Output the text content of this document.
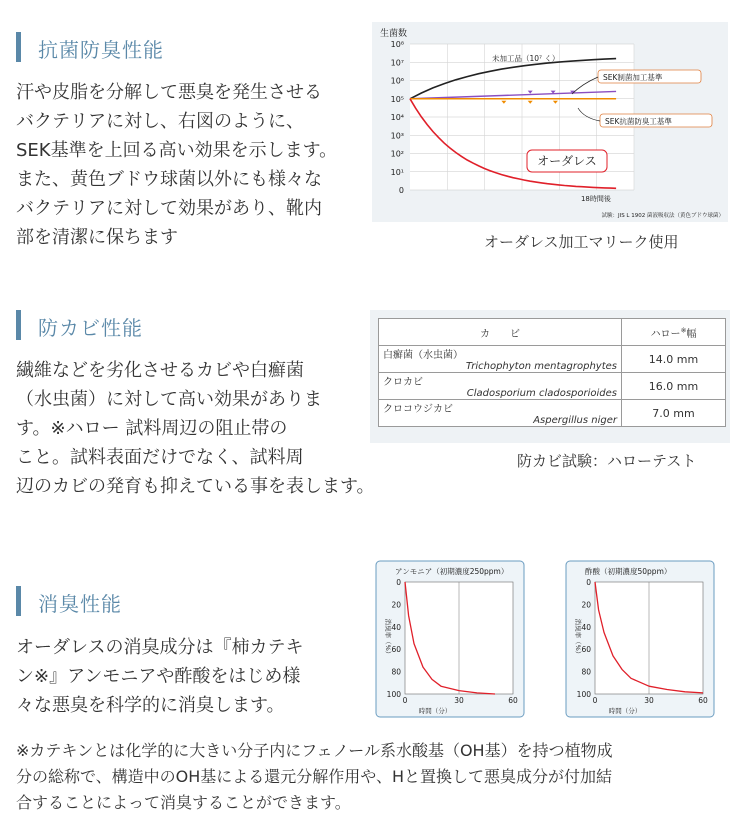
抗菌防臭性能
汗や皮脂を分解して悪臭を発生させる
バクテリアに対し、右図のように、
SEK基準を上回る高い効果を示します。
また、黄色ブドウ球菌以外にも様々な
バクテリアに対して効果があり、靴内
部を清潔に保ちます
生菌数
10⁸
10⁷
10⁶
10⁵
10⁴
10³
10²
10¹
0
18時間後
未加工品（10⁷ く）
SEK制菌加工基準
SEK抗菌防臭工基準
オーダレス
試験：JIS L 1902 菌液吸収法（黄色ブドウ球菌）
オーダレス加工マリーク使用
防カビ性能
繊維などを劣化させるカビや白癬菌
（水虫菌）に対して高い効果がありま
す。※ハロー 試料周辺の阻止帯の
こと。試料表面だけでなく、試料周
辺のカビの発育も抑えている事を表します。
カ　　ビ	ハロー※幅

白癬菌（水虫菌）
Trichophyton mentagrophytes	14.0 mm

クロカビ
Cladosporium cladosporioides	16.0 mm

クロコウジカビ
Aspergillus niger	7.0 mm
防カビ試験：ハローテスト
消臭性能
オーダレスの消臭成分は『柿カテキ
ン※』アンモニアや酢酸をはじめ様
々な悪臭を科学的に消臭します。
アンモニア（初期濃度250ppm）
消臭率（%）
0
20
40
60
80
100
0	30	60
時間（分）
酢酸（初期濃度50ppm）
消臭率（%）
0
20
40
60
80
100
0	30	60
時間（分）
※カテキンとは化学的に大きい分子内にフェノール系水酸基（OH基）を持つ植物成
分の総称で、構造中のOH基による還元分解作用や、Hと置換して悪臭成分が付加結
合することによって消臭することができます。
